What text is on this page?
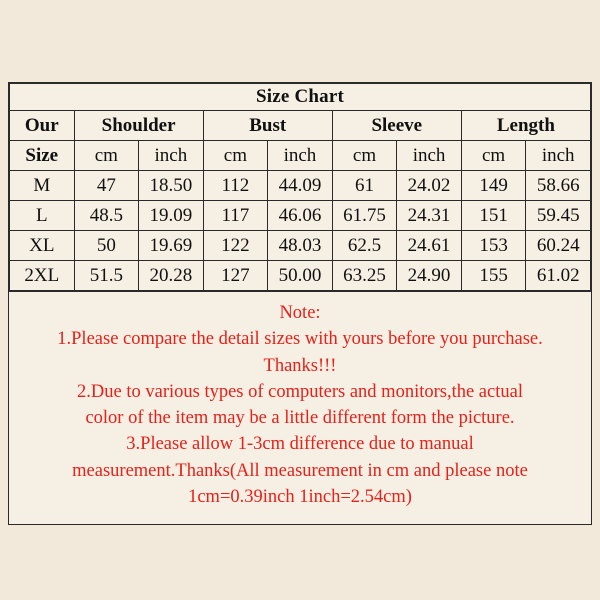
Size Chart								
Our	Shoulder		Bust		Sleeve		Length	
Size	cm	inch	cm	inch	cm	inch	cm	inch
M	47	18.50	112	44.09	61	24.02	149	58.66
L	48.5	19.09	117	46.06	61.75	24.31	151	59.45
XL	50	19.69	122	48.03	62.5	24.61	153	60.24
2XL	51.5	20.28	127	50.00	63.25	24.90	155	61.02
Note:
1.Please compare the detail sizes with yours before you purchase.
Thanks!!!
2.Due to various types of computers and monitors,the actual
color of the item may be a little different form the picture.
3.Please allow 1-3cm difference due to manual
measurement.Thanks(All measurement in cm and please note
1cm=0.39inch 1inch=2.54cm)
